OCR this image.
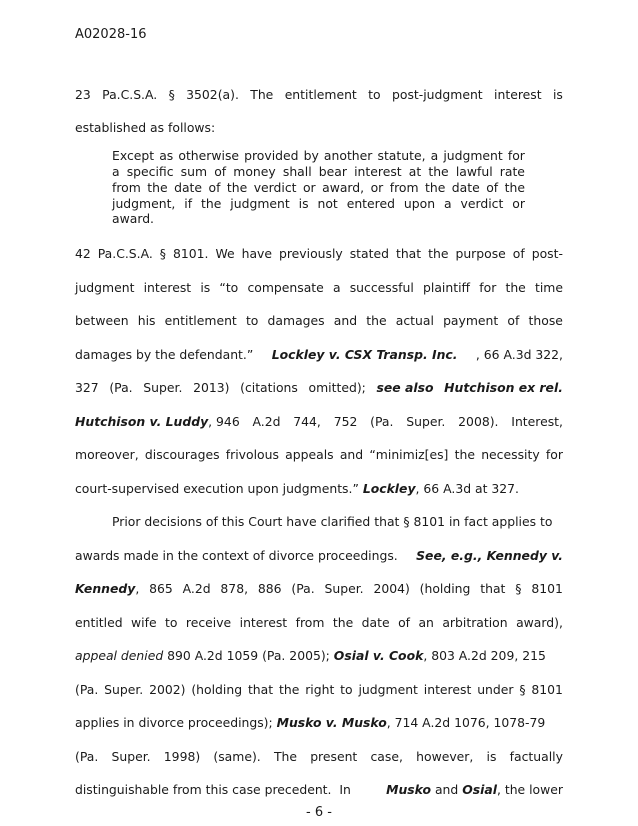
A02028-16
23 Pa.C.S.A. § 3502(a). The entitlement to post-judgment interest is
established as follows:
Except as otherwise provided by another statute, a judgment for
a specific sum of money shall bear interest at the lawful rate
from the date of the verdict or award, or from the date of the
judgment, if the judgment is not entered upon a verdict or
award.
42 Pa.C.S.A. § 8101. We have previously stated that the purpose of post-
judgment interest is “to compensate a successful plaintiff for the time
between his entitlement to damages and the actual payment of those
damages by the defendant.” Lockley v. CSX Transp. Inc. , 66 A.3d 322,
327 (Pa. Super. 2013) (citations omitted); see also Hutchison ex rel.
Hutchison v. Luddy, 946 A.2d 744, 752 (Pa. Super. 2008). Interest,
moreover, discourages frivolous appeals and “minimiz[es] the necessity for
court-supervised execution upon judgments.” Lockley, 66 A.3d at 327.
Prior decisions of this Court have clarified that § 8101 in fact applies to
awards made in the context of divorce proceedings. See, e.g., Kennedy v.
Kennedy, 865 A.2d 878, 886 (Pa. Super. 2004) (holding that § 8101
entitled wife to receive interest from the date of an arbitration award),
appeal denied 890 A.2d 1059 (Pa. 2005); Osial v. Cook, 803 A.2d 209, 215
(Pa. Super. 2002) (holding that the right to judgment interest under § 8101
applies in divorce proceedings); Musko v. Musko, 714 A.2d 1076, 1078-79
(Pa. Super. 1998) (same). The present case, however, is factually
distinguishable from this case precedent.  In	Musko and Osial, the lower
- 6 -
